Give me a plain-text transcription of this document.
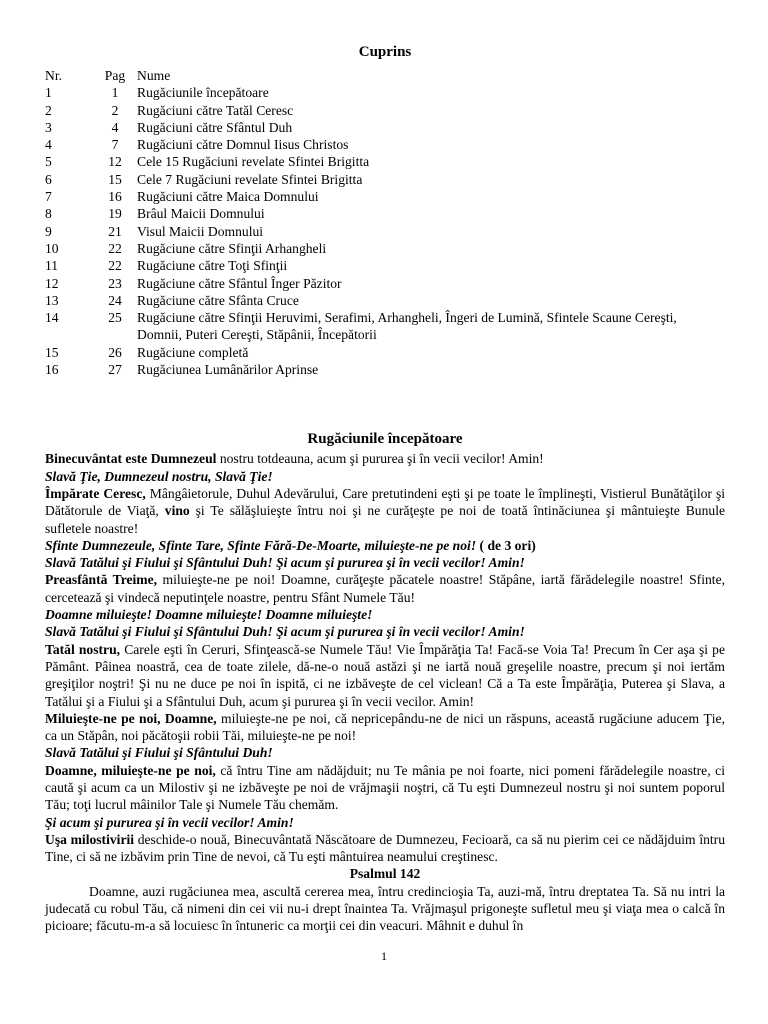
Cuprins
Nr.	Pag	Nume
1	1	Rugăciunile începătoare
2	2	Rugăciuni către Tatăl Ceresc
3	4	Rugăciuni către Sfântul Duh
4	7	Rugăciuni către Domnul Iisus Christos
5	12	Cele 15 Rugăciuni revelate Sfintei Brigitta
6	15	Cele 7 Rugăciuni revelate Sfintei Brigitta
7	16	Rugăciuni către Maica Domnului
8	19	Brâul Maicii Domnului
9	21	Visul Maicii Domnului
10	22	Rugăciune către Sfinţii Arhangheli
11	22	Rugăciune către Toţi Sfinţii
12	23	Rugăciune către Sfântul Înger Păzitor
13	24	Rugăciune către Sfânta Cruce
14	25	Rugăciune către Sfinţii Heruvimi, Serafimi, Arhangheli, Îngeri de Lumină, Sfintele Scaune Cereşti, Domnii, Puteri Cereşti, Stăpânii, Începătorii
15	26	Rugăciune completă
16	27	Rugăciunea Lumânărilor Aprinse
Rugăciunile începătoare

Binecuvântat este Dumnezeul nostru totdeauna, acum şi pururea şi în vecii vecilor! Amin!

Slavă Ţie, Dumnezeul nostru, Slavă Ţie!

Împărate Ceresc, Mângâietorule, Duhul Adevărului, Care pretutindeni eşti şi pe toate le împlineşti, Vistierul Bunătăţilor şi Dătătorule de Viaţă, vino şi Te sălăşluieşte întru noi şi ne curăţeşte pe noi de toată întinăciunea şi mântuieşte Bunule sufletele noastre!

Sfinte Dumnezeule, Sfinte Tare, Sfinte Fără-De-Moarte, miluieşte-ne pe noi! ( de 3 ori)

Slavă Tatălui şi Fiului şi Sfântului Duh! Şi acum şi pururea şi în vecii vecilor! Amin!

Preasfântă Treime, miluieşte-ne pe noi! Doamne, curăţeşte păcatele noastre! Stăpâne, iartă fărădelegile noastre! Sfinte, cercetează şi vindecă neputinţele noastre, pentru Sfânt Numele Tău!

Doamne miluieşte! Doamne miluieşte! Doamne miluieşte!

Slavă Tatălui şi Fiului şi Sfântului Duh! Şi acum şi pururea şi în vecii vecilor! Amin!

Tatăl nostru, Carele eşti în Ceruri, Sfinţească-se Numele Tău! Vie Împărăţia Ta! Facă-se Voia Ta! Precum în Cer aşa şi pe Pământ. Pâinea noastră, cea de toate zilele, dă-ne-o nouă astăzi şi ne iartă nouă greşelile noastre, precum şi noi iertăm greşiţilor noştri! Şi nu ne duce pe noi în ispită, ci ne izbăveşte de cel viclean! Că a Ta este Împărăţia, Puterea şi Slava, a Tatălui şi a Fiului şi a Sfântului Duh, acum şi pururea şi în vecii vecilor. Amin!

Miluieşte-ne pe noi, Doamne, miluieşte-ne pe noi, că nepricepându-ne de nici un răspuns, această rugăciune aducem Ţie, ca un Stăpân, noi păcătoşii robii Tăi, miluieşte-ne pe noi!

Slavă Tatălui şi Fiului şi Sfântului Duh!

Doamne, miluieşte-ne pe noi, că întru Tine am nădăjduit; nu Te mânia pe noi foarte, nici pomeni fărădelegile noastre, ci caută şi acum ca un Milostiv şi ne izbăveşte pe noi de vrăjmaşii noştri, că Tu eşti Dumnezeul nostru şi noi suntem poporul Tău; toţi lucrul mâinilor Tale şi Numele Tău chemăm.

Şi acum şi pururea şi în vecii vecilor! Amin!

Uşa milostivirii deschide-o nouă, Binecuvântată Născătoare de Dumnezeu, Fecioară, ca să nu pierim cei ce nădăjduim întru Tine, ci să ne izbăvim prin Tine de nevoi, că Tu eşti mântuirea neamului creştinesc.

Psalmul 142

Doamne, auzi rugăciunea mea, ascultă cererea mea, întru credincioşia Ta, auzi-mă, întru dreptatea Ta. Să nu intri la judecată cu robul Tău, că nimeni din cei vii nu-i drept înaintea Ta. Vrăjmaşul prigoneşte sufletul meu şi viaţa mea o calcă în picioare; făcutu-m-a să locuiesc în întuneric ca morţii cei din veacuri. Mâhnit e duhul în

1
